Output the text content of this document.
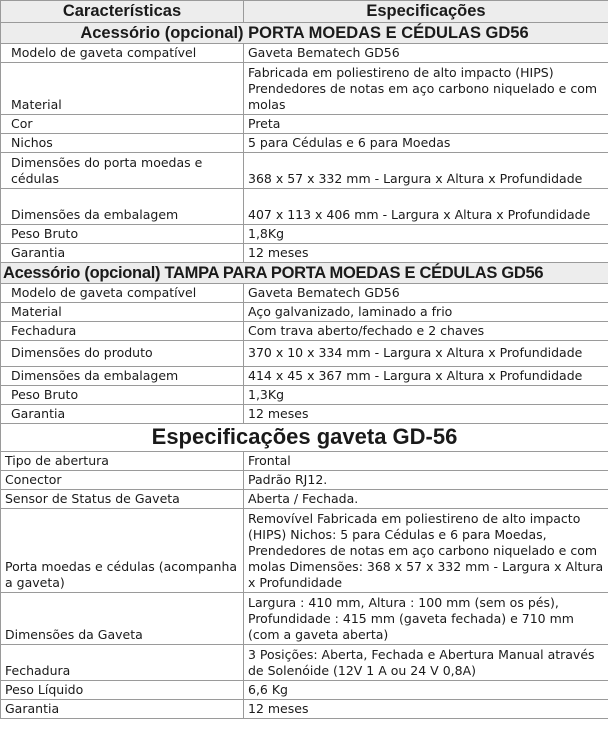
Características	Especificações
Acessório (opcional) PORTA MOEDAS E CÉDULAS GD56	
Modelo de gaveta compatível	Gaveta Bematech GD56
Material	Fabricada em poliestireno de alto impacto (HIPS) Prendedores de notas em aço carbono niquelado e com molas
Cor	Preta
Nichos	5 para Cédulas e 6 para Moedas
Dimensões do porta moedas e cédulas	368 x 57 x 332 mm - Largura x Altura x Profundidade
Dimensões da embalagem	407 x 113 x 406 mm - Largura x Altura x Profundidade
Peso Bruto	1,8Kg
Garantia	12 meses
Acessório (opcional) TAMPA PARA PORTA MOEDAS E CÉDULAS GD56	
Modelo de gaveta compatível	Gaveta Bematech GD56
Material	Aço galvanizado, laminado a frio
Fechadura	Com trava aberto/fechado e 2 chaves
Dimensões do produto	370 x 10 x 334 mm - Largura x Altura x Profundidade
Dimensões da embalagem	414 x 45 x 367 mm - Largura x Altura x Profundidade
Peso Bruto	1,3Kg
Garantia	12 meses
Especificações gaveta GD-56	
Tipo de abertura	Frontal
Conector	Padrão RJ12.
Sensor de Status de Gaveta	Aberta / Fechada.
Porta moedas e cédulas (acompanha a gaveta)	Removível Fabricada em poliestireno de alto impacto (HIPS) Nichos: 5 para Cédulas e 6 para Moedas, Prendedores de notas em aço carbono niquelado e com molas Dimensões: 368 x 57 x 332 mm - Largura x Altura x Profundidade
Dimensões da Gaveta	Largura : 410 mm, Altura : 100 mm (sem os pés), Profundidade : 415 mm (gaveta fechada) e 710 mm (com a gaveta aberta)
Fechadura	3 Posições: Aberta, Fechada e Abertura Manual através de Solenóide (12V 1 A ou 24 V 0,8A)
Peso Líquido	6,6 Kg
Garantia	12 meses
